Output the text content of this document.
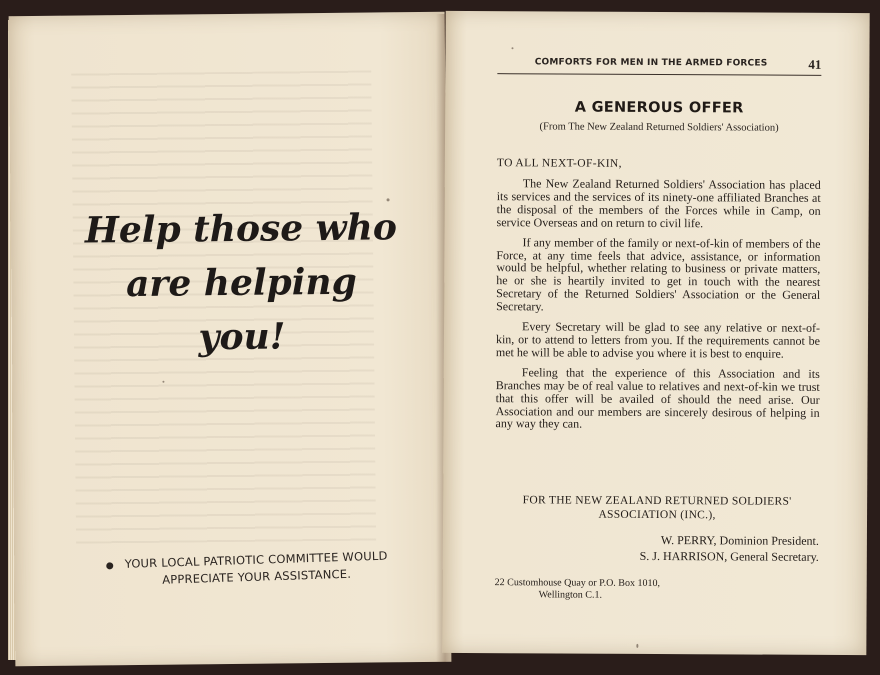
Help those who
are helping
you!
YOUR LOCAL PATRIOTIC COMMITTEE WOULD
APPRECIATE YOUR ASSISTANCE.
COMFORTS FOR MEN IN THE ARMED FORCES	41
A GENEROUS OFFER
(From The New Zealand Returned Soldiers' Association)
TO ALL NEXT-OF-KIN,

The New Zealand Returned Soldiers' Association has placed its services and the services of its ninety-one affiliated Branches at the disposal of the members of the Forces while in Camp, on service Overseas and on return to civil life.

If any member of the family or next-of-kin of members of the Force, at any time feels that advice, assistance, or information would be helpful, whether relating to business or private matters, he or she is heartily invited to get in touch with the nearest Secretary of the Returned Soldiers' Association or the General Secretary.

Every Secretary will be glad to see any relative or next-of-kin, or to attend to letters from you. If the requirements cannot be met he will be able to advise you where it is best to enquire.

Feeling that the experience of this Association and its Branches may be of real value to relatives and next-of-kin we trust that this offer will be availed of should the need arise. Our Association and our members are sincerely desirous of helping in any way they can.

FOR THE NEW ZEALAND RETURNED SOLDIERS'
ASSOCIATION (INC.),
W. PERRY, Dominion President.
S. J. HARRISON, General Secretary.
22 Customhouse Quay or P.O. Box 1010,
Wellington C.1.
